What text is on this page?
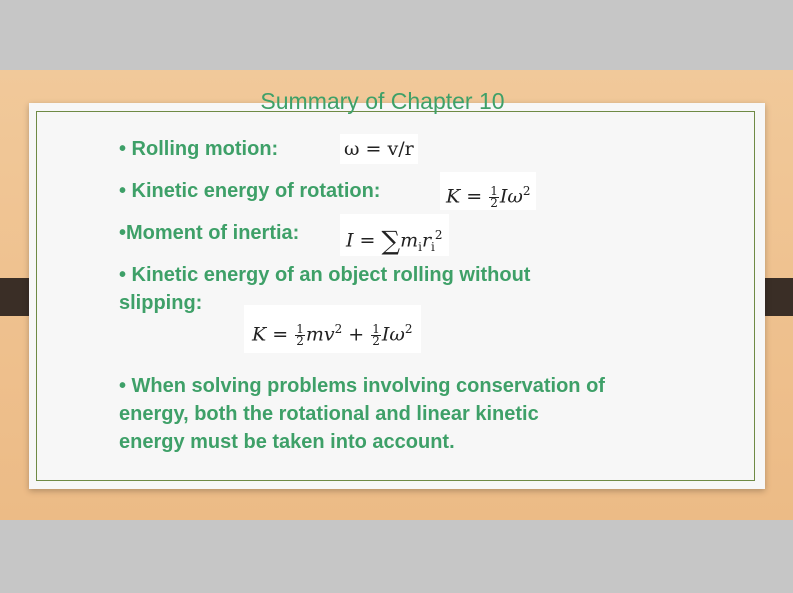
Summary of Chapter 10
• Rolling motion:	ω = v/r
• Kinetic energy of rotation:	$K = \frac{1}{2} I\omega^2$
•Moment of inertia:	$I = \sum m_ir_i^2$
• Kinetic energy of an object rolling without
slipping:
$K = \frac{1}{2} mv^2 + \frac{1}{2} I\omega^2$
• When solving problems involving conservation of
energy, both the rotational and linear kinetic
energy must be taken into account.
